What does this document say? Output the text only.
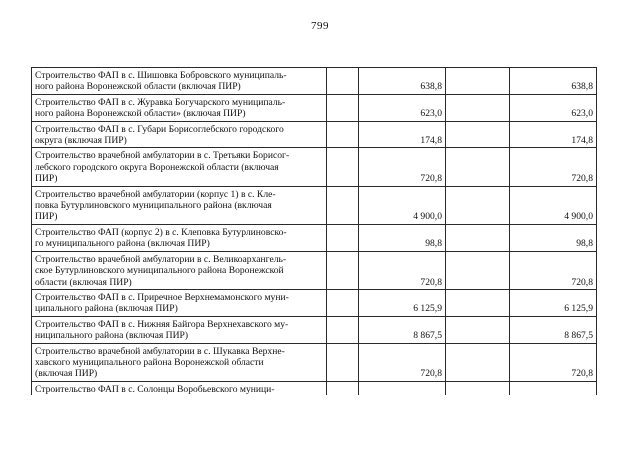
799
Строительство ФАП в с. Шишовка Бобровского муниципаль-
ного района Воронежской области (включая ПИР)		638,8		638,8
Строительство ФАП в с. Журавка Богучарского муниципаль-
ного района Воронежской области» (включая ПИР)		623,0		623,0
Строительство ФАП в с. Губари Борисоглебского городского
округа (включая ПИР)		174,8		174,8
Строительство врачебной амбулатории в с. Третьяки Борисог-
лебского городского округа Воронежской области (включая
ПИР)		720,8		720,8
Строительство врачебной амбулатории (корпус 1) в с. Кле-
повка Бутурлиновского муниципального района (включая
ПИР)		4 900,0		4 900,0
Строительство ФАП (корпус 2) в с. Клеповка Бутурлиновско-
го муниципального района (включая ПИР)		98,8		98,8
Строительство врачебной амбулатории в с. Великоархангель-
ское Бутурлиновского муниципального района Воронежской
области (включая ПИР)		720,8		720,8
Строительство ФАП в с. Приречное Верхнемамонского муни-
ципального района (включая ПИР)		6 125,9		6 125,9
Строительство ФАП в с. Нижняя Байгора Верхнехавского му-
ниципального района (включая ПИР)		8 867,5		8 867,5
Строительство врачебной амбулатории в с. Шукавка Верхне-
хавского муниципального района Воронежской области
(включая ПИР)		720,8		720,8
Строительство ФАП в с. Солонцы Воробьевского муници-				
